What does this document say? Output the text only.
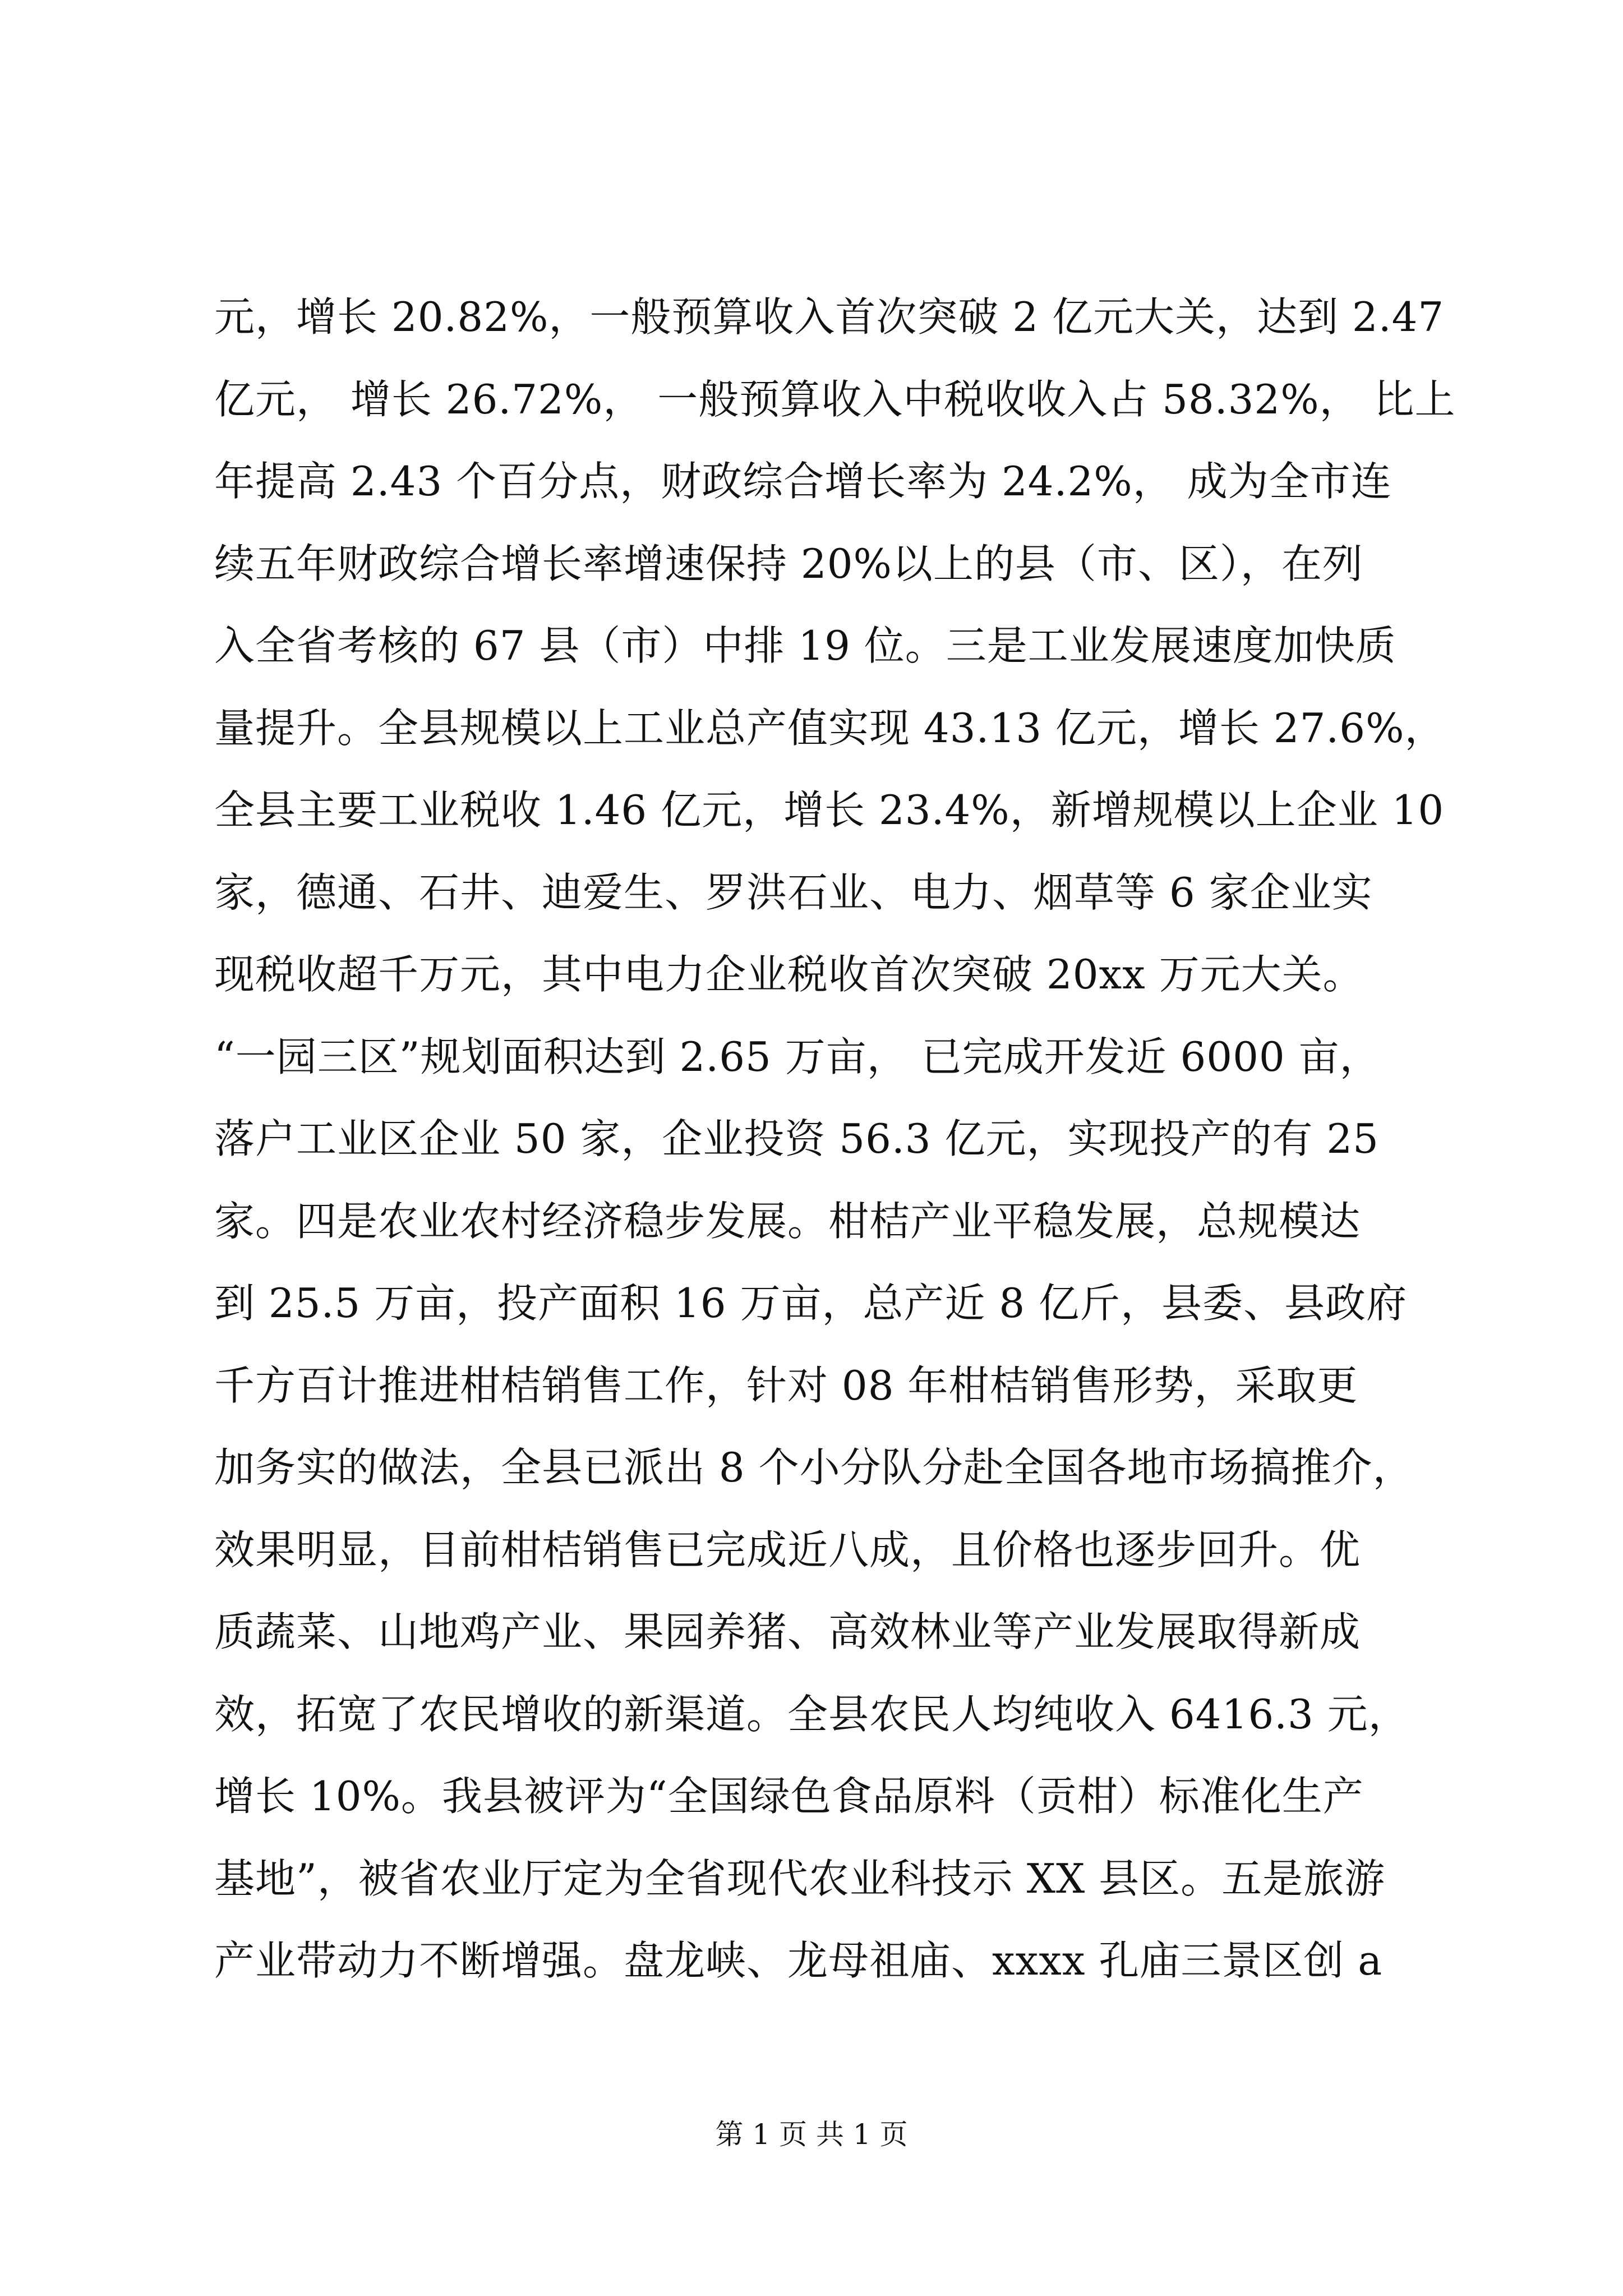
元，增长 20.82%，一般预算收入首次突破 2 亿元大关，达到 2.47
亿元， 增长 26.72%， 一般预算收入中税收收入占 58.32%， 比上
年提高 2.43 个百分点，财政综合增长率为 24.2%， 成为全市连
续五年财政综合增长率增速保持 20%以上的县（市、区），在列
入全省考核的 67 县（市）中排 19 位。三是工业发展速度加快质
量提升。全县规模以上工业总产值实现 43.13 亿元，增长 27.6%，
全县主要工业税收 1.46 亿元，增长 23.4%，新增规模以上企业 10
家，德通、石井、迪爱生、罗洪石业、电力、烟草等 6 家企业实
现税收超千万元，其中电力企业税收首次突破 20xx 万元大关。
“一园三区”规划面积达到 2.65 万亩， 已完成开发近 6000 亩，
落户工业区企业 50 家，企业投资 56.3 亿元，实现投产的有 25
家。四是农业农村经济稳步发展。柑桔产业平稳发展，总规模达
到 25.5 万亩，投产面积 16 万亩，总产近 8 亿斤，县委、县政府
千方百计推进柑桔销售工作，针对 08 年柑桔销售形势，采取更
加务实的做法，全县已派出 8 个小分队分赴全国各地市场搞推介，
效果明显，目前柑桔销售已完成近八成，且价格也逐步回升。优
质蔬菜、山地鸡产业、果园养猪、高效林业等产业发展取得新成
效，拓宽了农民增收的新渠道。全县农民人均纯收入 6416.3 元，
增长 10%。我县被评为“全国绿色食品原料（贡柑）标准化生产
基地”，被省农业厅定为全省现代农业科技示 XX 县区。五是旅游
产业带动力不断增强。盘龙峡、龙母祖庙、xxxx 孔庙三景区创 a
第 1 页 共 1 页
